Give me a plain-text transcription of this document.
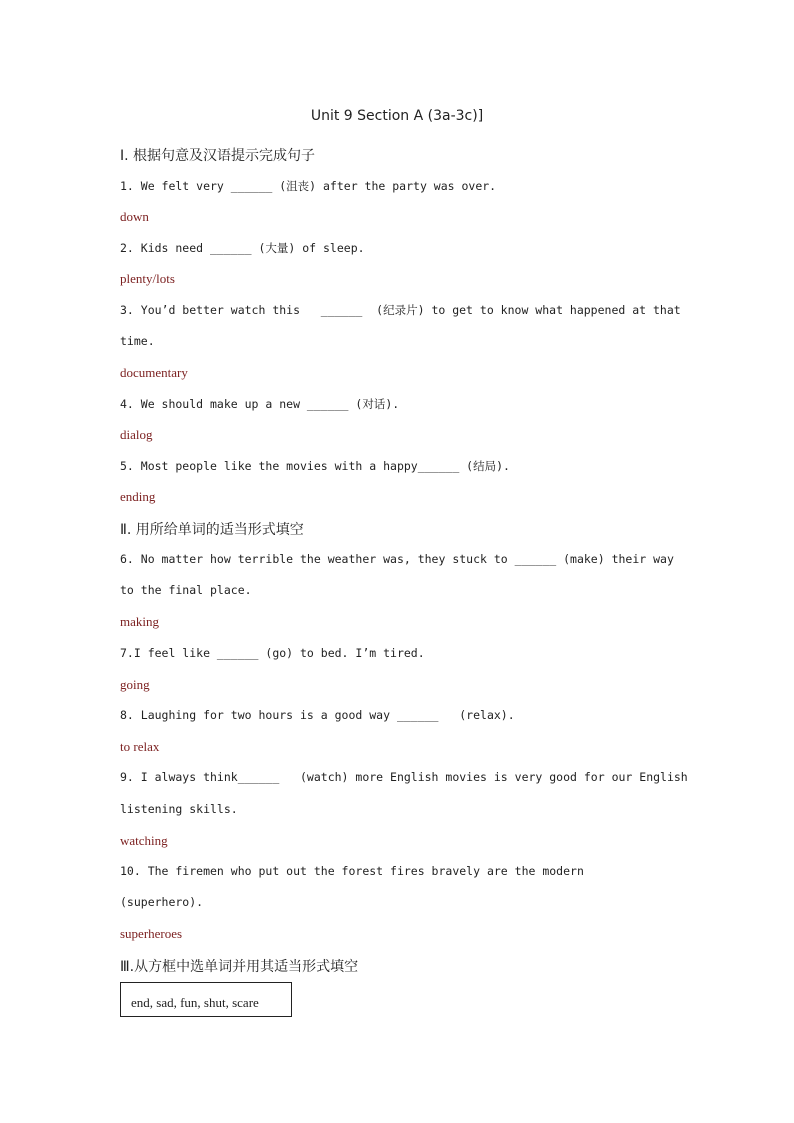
Unit 9 Section A (3a-3c)]
Ⅰ. 根据句意及汉语提示完成句子
1. We felt very ______ (沮丧) after the party was over.
down
2. Kids need ______ (大量) of sleep.
plenty/lots
3. You’d better watch this   ______  (纪录片) to get to know what happened at that
time.
documentary
4. We should make up a new ______ (对话).
dialog
5. Most people like the movies with a happy______ (结局).
ending
Ⅱ. 用所给单词的适当形式填空
6. No matter how terrible the weather was, they stuck to ______ (make) their way
to the final place.
making
7.I feel like ______ (go) to bed. I’m tired.
going
8. Laughing for two hours is a good way ______   (relax).
to relax
9. I always think______   (watch) more English movies is very good for our English
listening skills.
watching
10. The firemen who put out the forest fires bravely are the modern
(superhero).
superheroes
Ⅲ.从方框中选单词并用其适当形式填空
end, sad, fun, shut, scare
